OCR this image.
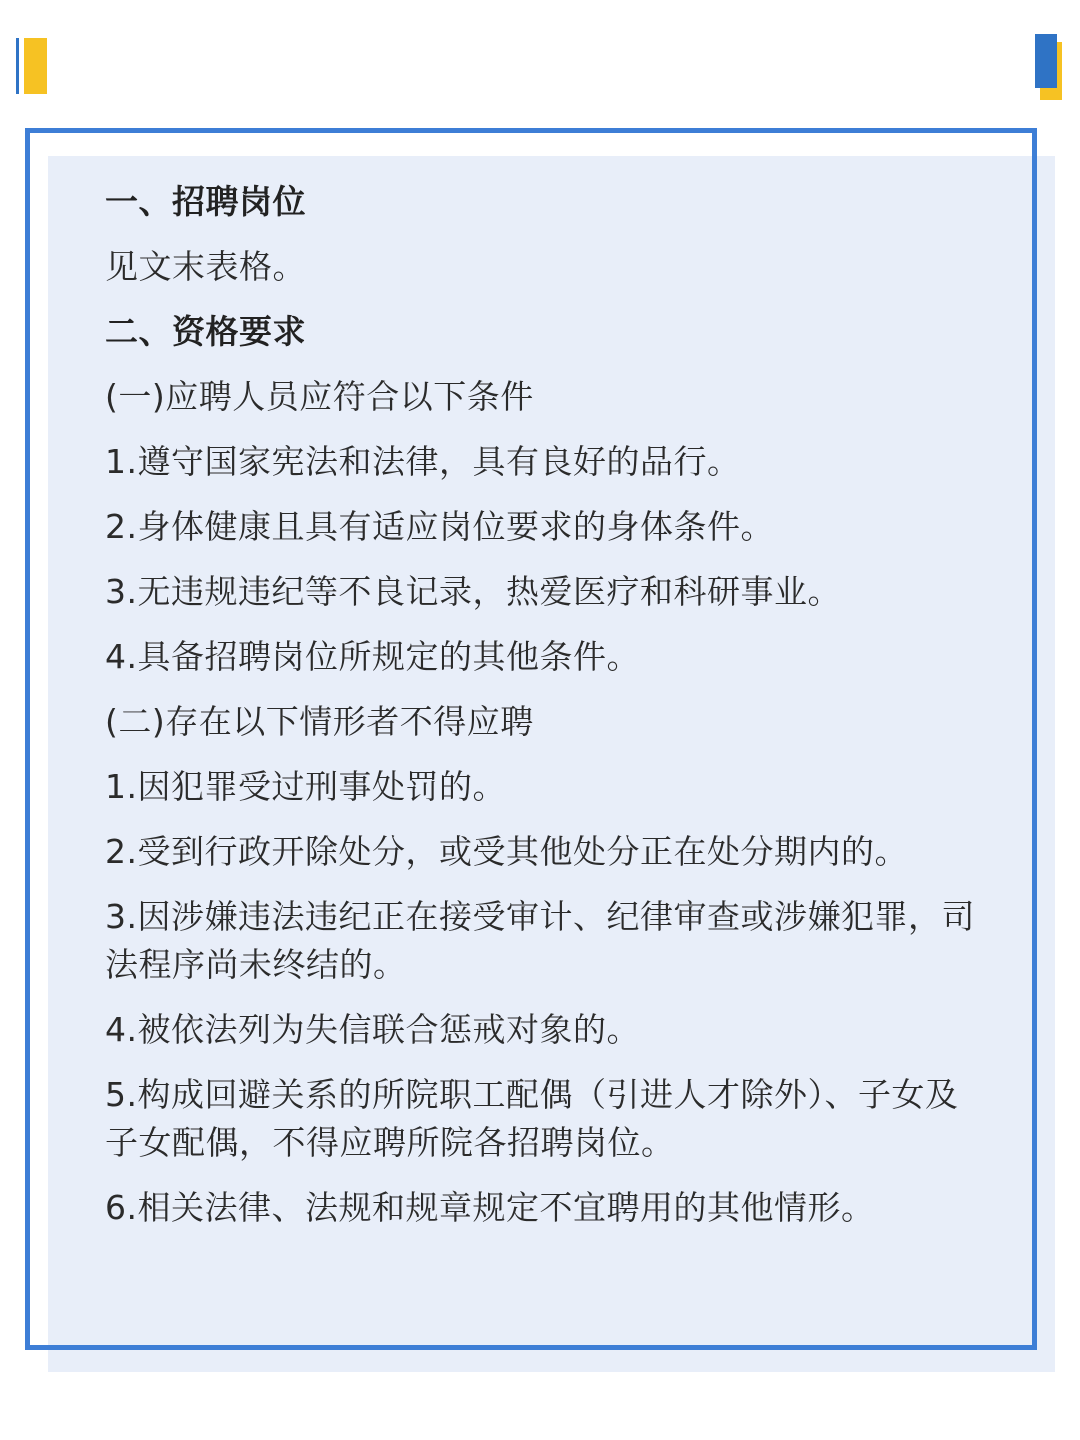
一、招聘岗位

见文末表格。

二、资格要求

(一)应聘人员应符合以下条件

1.遵守国家宪法和法律，具有良好的品行。

2.身体健康且具有适应岗位要求的身体条件。

3.无违规违纪等不良记录，热爱医疗和科研事业。

4.具备招聘岗位所规定的其他条件。

(二)存在以下情形者不得应聘

1.因犯罪受过刑事处罚的。

2.受到行政开除处分，或受其他处分正在处分期内的。

3.因涉嫌违法违纪正在接受审计、纪律审查或涉嫌犯罪，司法程序尚未终结的。

4.被依法列为失信联合惩戒对象的。

5.构成回避关系的所院职工配偶（引进人才除外）、子女及子女配偶，不得应聘所院各招聘岗位。

6.相关法律、法规和规章规定不宜聘用的其他情形。
